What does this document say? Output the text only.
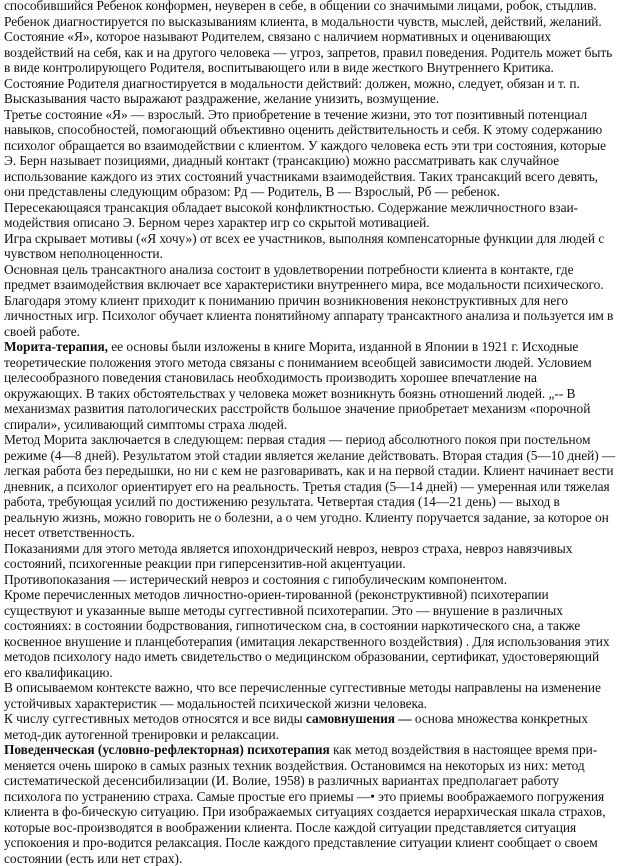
способившийся Ребенок конформен, неуверен в себе, в общении со значимыми лицами, робок, стыдлив.

Ребенок диагностируется по высказываниям клиента, в модальности чувств, мыслей, действий, желаний.

Состояние «Я», которое называют Родителем, связано с наличием нормативных и оценивающих воздействий на себя, как и на другого человека — угроз, запретов, правил поведения. Родитель может быть в виде контролирующего Родителя, воспитывающего или в виде жесткого Внутреннего Критика.

Состояние Родителя диагностируется в модальности действий: должен, можно, следует, обязан и т. п.

Высказывания часто выражают раздражение, желание унизить, возмущение.

Третье состояние «Я» — взрослый. Это приобретение в течение жизни, это тот позитивный потенциал навыков, способностей, помогающий объективно оценить действительность и себя. К этому содержанию психолог обращается во взаимодействии с клиентом. У каждого человека есть эти три состояния, которые Э. Берн называет позициями, диадный контакт (трансакцию) можно рассматривать как случайное использование каждого из этих состояний участниками взаимодействия. Таких трансакций всего девять, они представлены следующим образом: Рд — Родитель, В — Взрослый, Рб — ребенок.

Пересекающаяся трансакция обладает высокой конфликтностью. Содержание межличностного взаи-модействия описано Э. Берном через характер игр со скрытой мотивацией.

Игра скрывает мотивы («Я хочу») от всех ее участников, выполняя компенсаторные функции для людей с чувством неполноценности.

Основная цель трансактного анализа состоит в удовлетворении потребности клиента в контакте, где предмет взаимодействия включает все характеристики внутреннего мира, все модальности психического. Благодаря этому клиент приходит к пониманию причин возникновения неконструктивных для него личностных игр. Психолог обучает клиента понятийному аппарату трансактного анализа и пользуется им в своей работе.

Морита-терапия, ее основы были изложены в книге Морита, изданной в Японии в 1921 г. Исходные теоретические положения этого метода связаны с пониманием всеобщей зависимости людей. Условием целесообразного поведения становилась необходимость производить хорошее впечатление на окружающих. В таких обстоятельствах у человека может возникнуть боязнь отношений людей. „-- В механизмах развития патологических расстройств большое значение приобретает механизм «порочной спирали», усиливающий симптомы страха людей.

Метод Морита заключается в следующем: первая стадия — период абсолютного покоя при постельном режиме (4—8 дней). Результатом этой стадии является желание действовать. Вторая стадия (5—10 дней) — легкая работа без передышки, но ни с кем не разговаривать, как и на первой стадии. Клиент начинает вести дневник, а психолог ориентирует его на реальность. Третья стадия (5—14 дней) — умеренная или тяжелая работа, требующая усилий по достижению результата. Четвертая стадия (14—21 день) — выход в реальную жизнь, можно говорить не о болезни, а о чем угодно. Клиенту поручается задание, за которое он несет ответственность.

Показаниями для этого метода является ипохондрический невроз, невроз страха, невроз навязчивых состояний, психогенные реакции при гиперсензитив-ной акцентуации.

Противопоказания — истерический невроз и состояния с гипобулическим компонентом.

Кроме перечисленных методов личностно-ориен-тированной (реконструктивной) психотерапии существуют и указанные выше методы суггестивной психотерапии. Это — внушение в различных состояниях: в состоянии бодрствования, гипнотическом сна, в состоянии наркотического сна, а также косвенное внушение и планцеботерапия (имитация лекарственного воздействия) . Для использования этих методов психологу надо иметь свидетельство о медицинском образовании, сертификат, удостоверяющий его квалификацию.

В описываемом контексте важно, что все перечисленные суггестивные методы направлены на изменение устойчивых характеристик — модальностей психической жизни человека.

К числу суггестивных методов относятся и все виды самовнушения — основа множества конкретных метод-дик аутогенной тренировки и релаксации.

Поведенческая (условно-рефлекторная) психотерапия как метод воздействия в настоящее время при-меняется очень широко в самых разных техник воздействия. Остановимся на некоторых из них: метод систематической десенсибилизации (И. Волие, 1958) в различных вариантах предполагает работу психолога по устранению страха. Самые простые его приемы —• это приемы воображаемого погружения клиента в фо-бическую ситуацию. При изображаемых ситуациях создается иерархическая шкала страхов, которые вос-производятся в воображении клиента. После каждой ситуации представляется ситуация успокоения и про-водится релаксация. После каждого представление ситуации клиент сообщает о своем состоянии (есть или нет страх).
